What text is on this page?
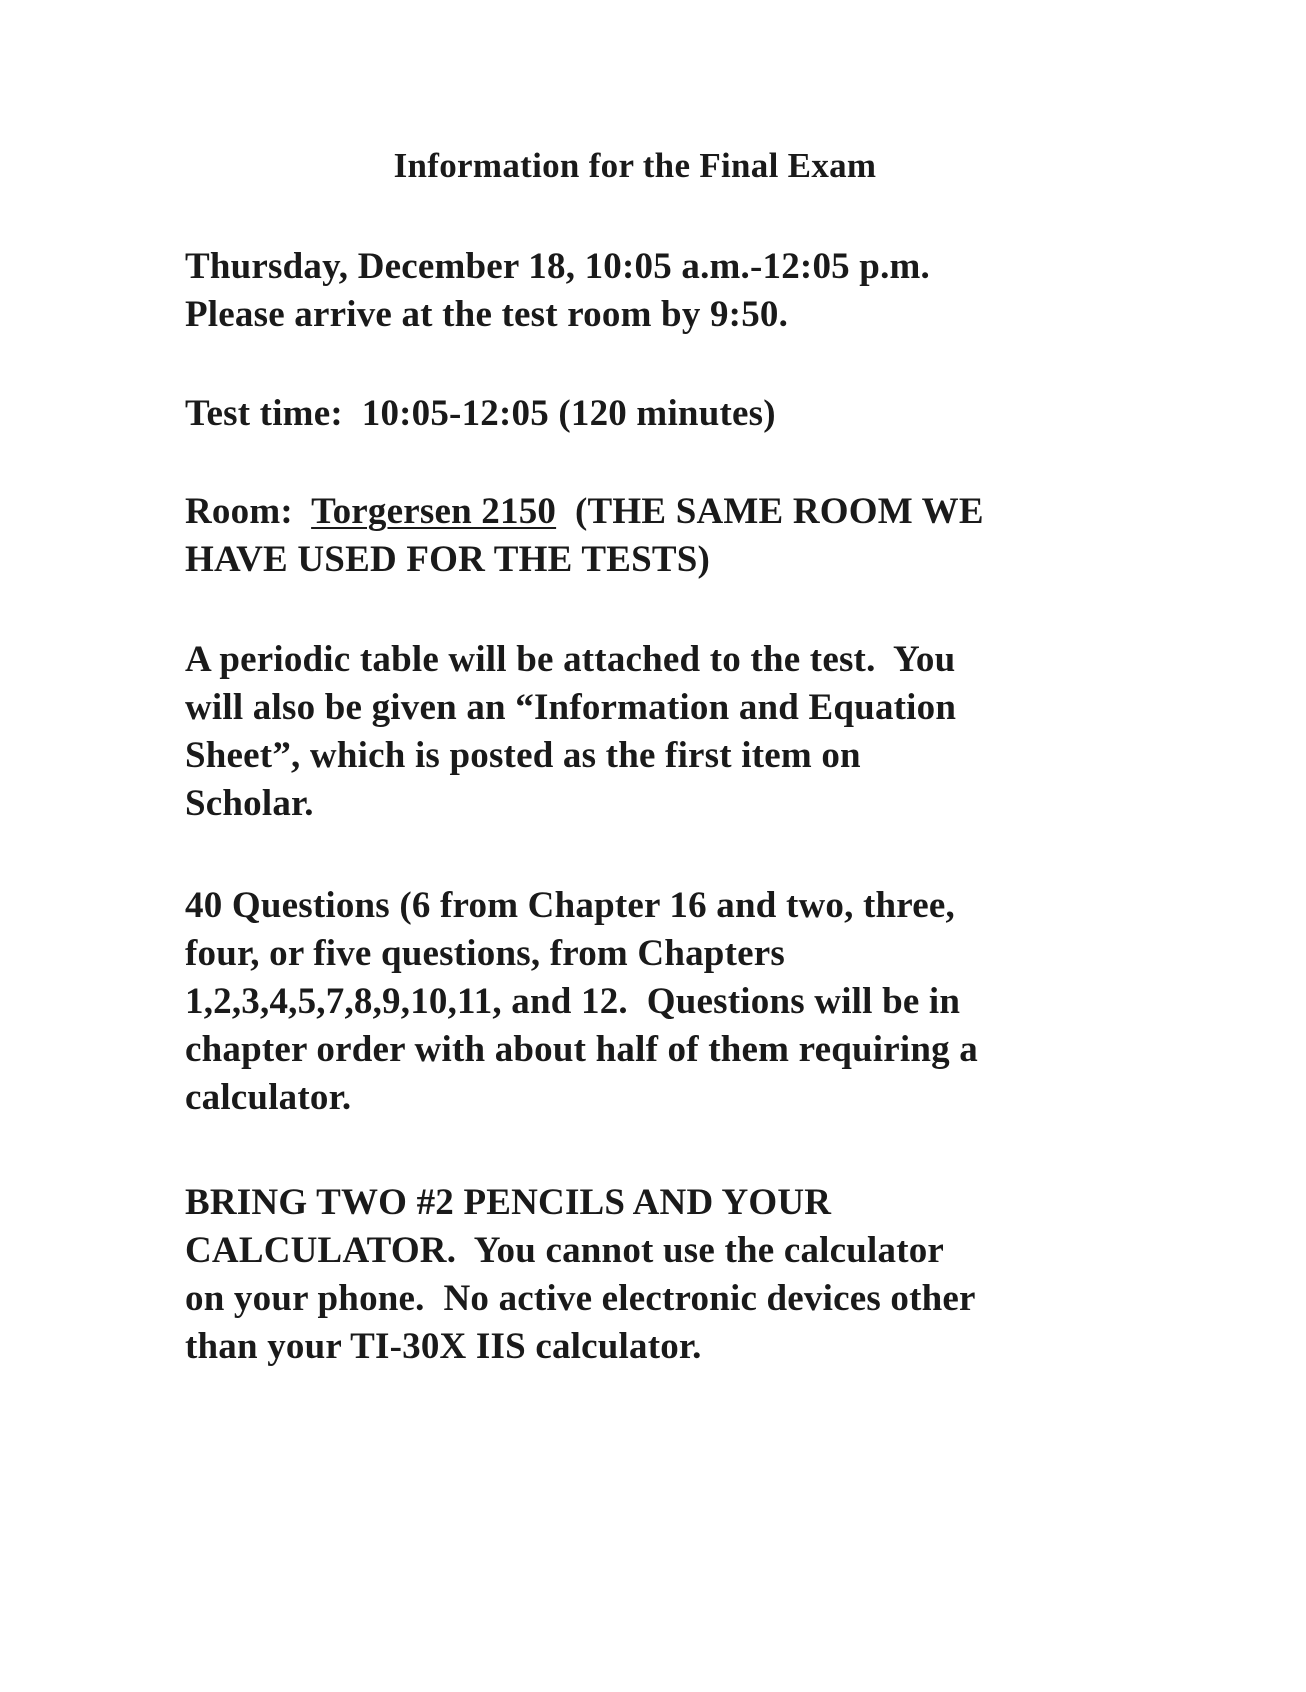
Information for the Final Exam
Thursday, December 18, 10:05 a.m.-12:05 p.m.
Please arrive at the test room by 9:50.
Test time:  10:05-12:05 (120 minutes)
Room:  Torgersen 2150  (THE SAME ROOM WE
HAVE USED FOR THE TESTS)
A periodic table will be attached to the test.  You
will also be given an “Information and Equation
Sheet”, which is posted as the first item on
Scholar.
40 Questions (6 from Chapter 16 and two, three,
four, or five questions, from Chapters
1,2,3,4,5,7,8,9,10,11, and 12.  Questions will be in
chapter order with about half of them requiring a
calculator.
BRING TWO #2 PENCILS AND YOUR
CALCULATOR.  You cannot use the calculator
on your phone.  No active electronic devices other
than your TI-30X IIS calculator.
